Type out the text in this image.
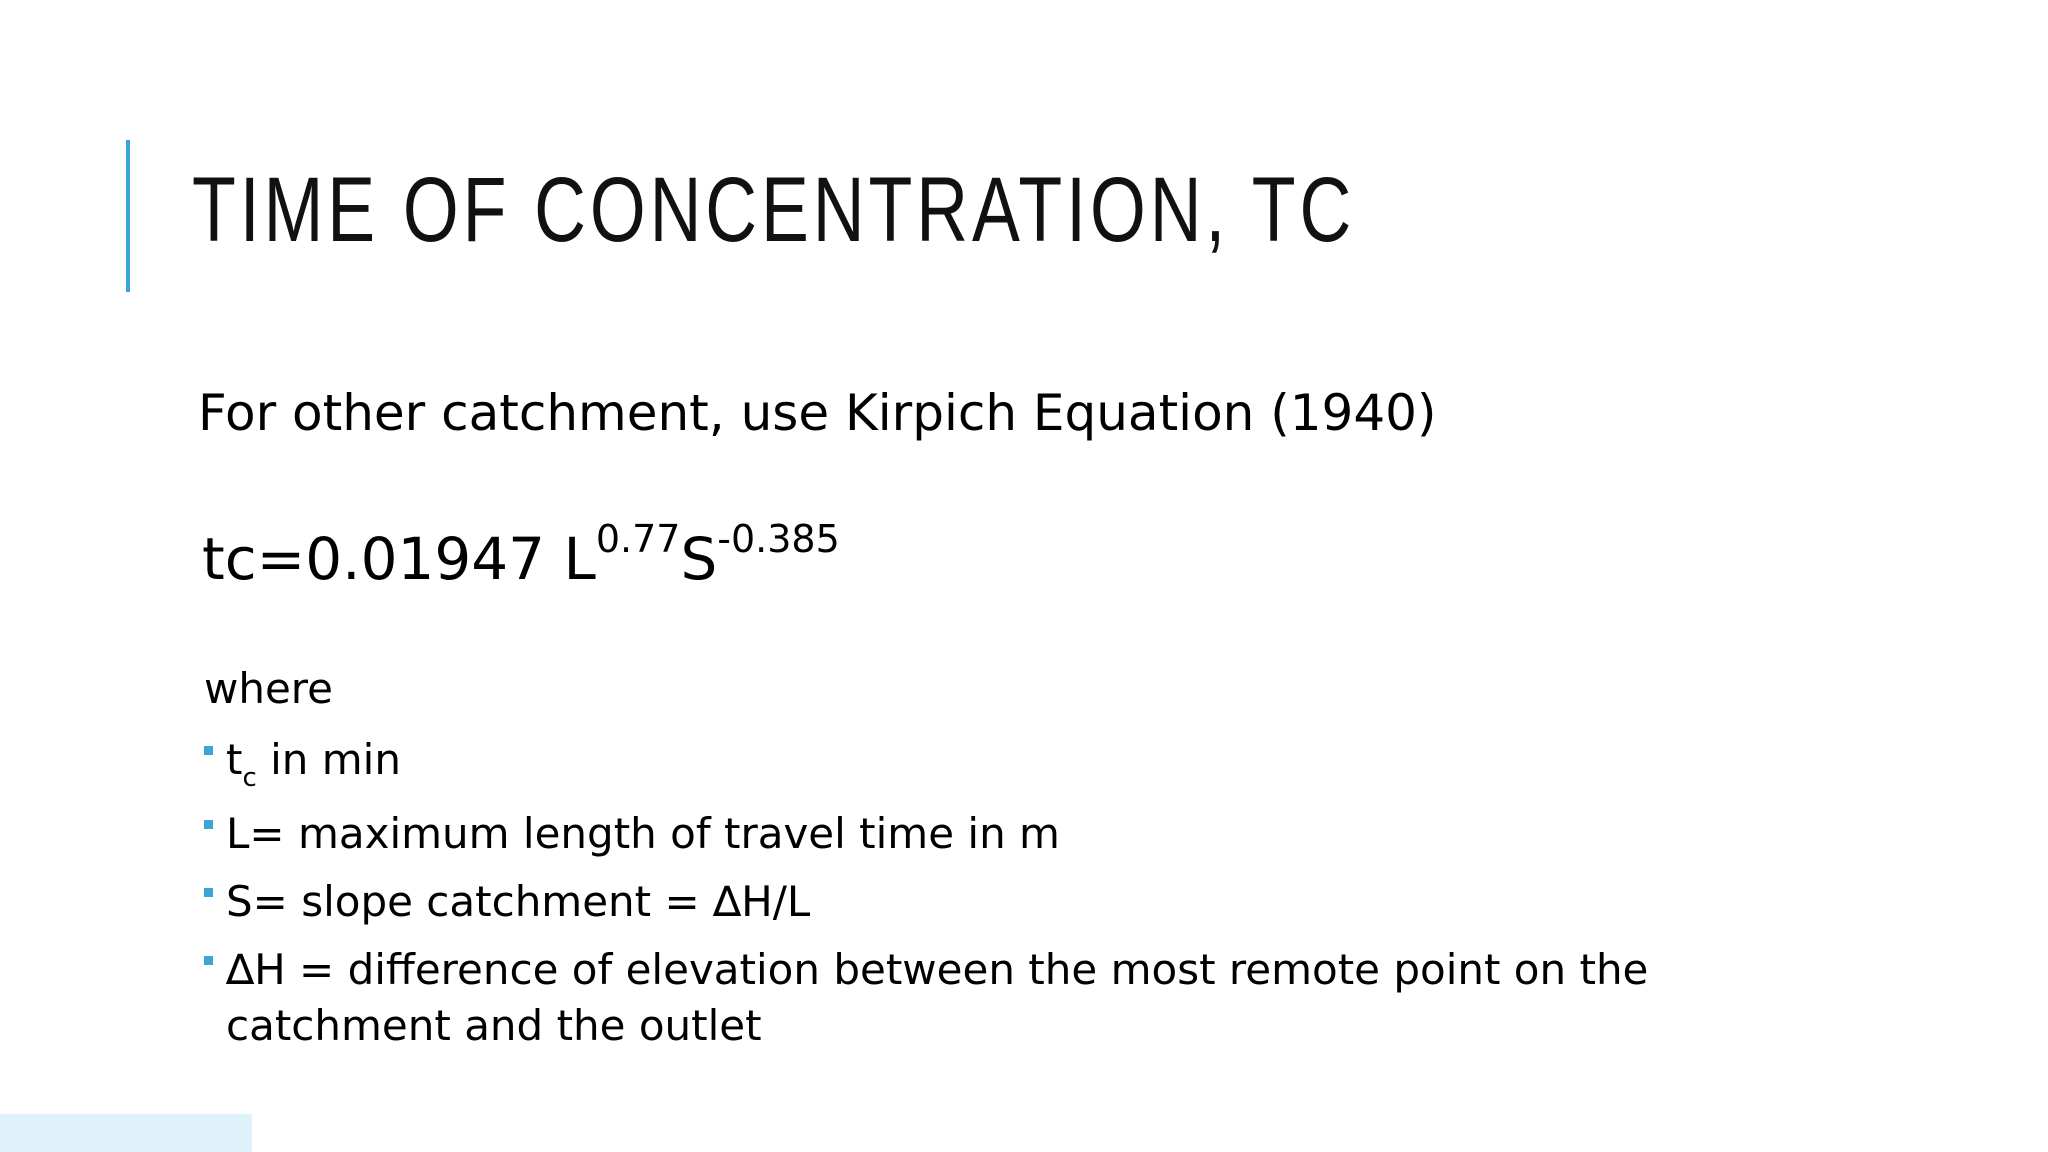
TIME OF CONCENTRATION, TC
For other catchment, use Kirpich Equation (1940)
tc=0.01947 $L^{0.77}S^{-0.385}$
where
$t_c$ in min
L= maximum length of travel time in m
S= slope catchment = ∆H/L
∆H = difference of elevation between the most remote point on the catchment and the outlet
